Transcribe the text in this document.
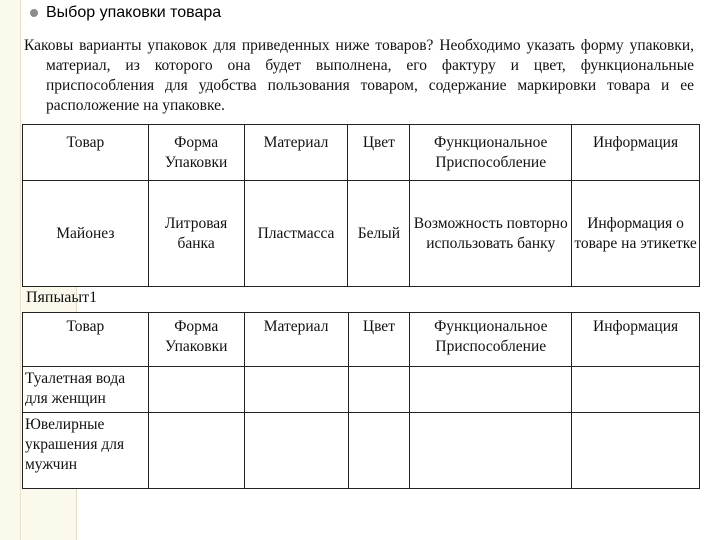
Выбор упаковки товара
Каковы варианты упаковок для приведенных ниже товаров? Необходимо указать форму упаковки, материал, из которого она будет выполнена, его фактуру и цвет, функциональные приспособления для удобства пользования товаром, содержание маркировки товара и ее расположение на упаковке.
Товар	Форма Упаковки	Материал	Цвет	Функциональное Приспособление	Информация
Майонез	Литровая банка	Пластмасса	Белый	Возможность повторно использовать банку	Информация о товаре на этикетке
Пяпыаыт1
Товар	Форма Упаковки	Материал	Цвет	Функциональное Приспособление	Информация
Туалетная вода для женщин					
Ювелирные украшения для мужчин					
